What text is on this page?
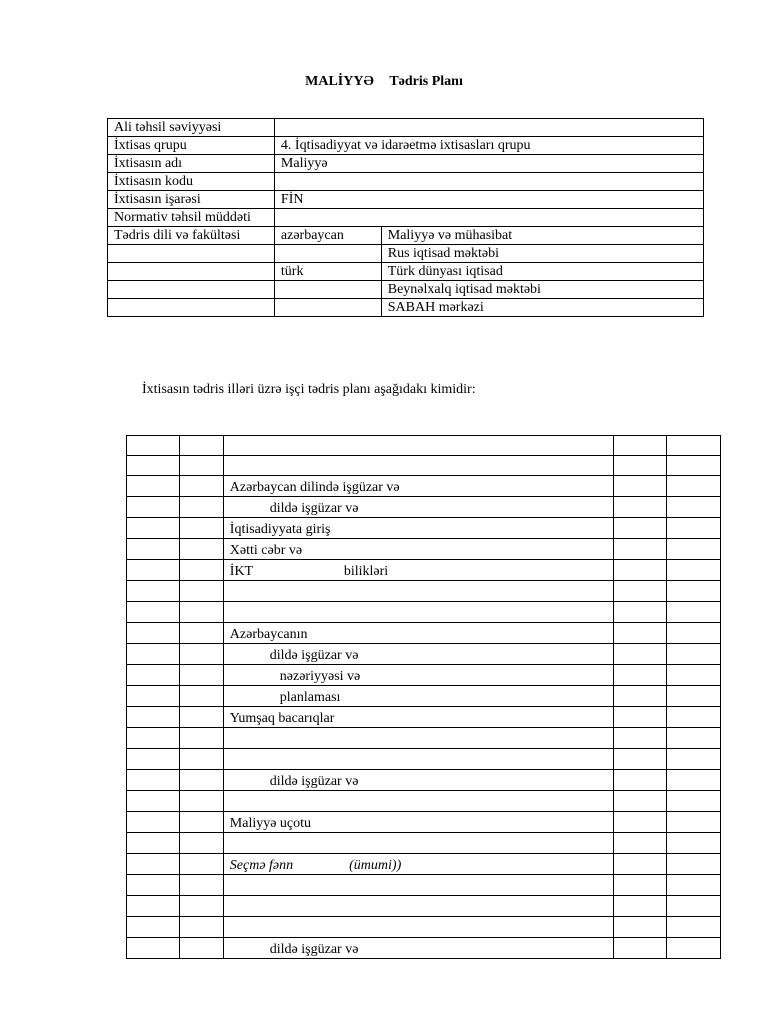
MALİYYƏ Tədris Planı
Ali təhsil səviyyəsi		
İxtisas qrupu	4. İqtisadiyyat və idarəetmə ixtisasları qrupu	
İxtisasın adı	Maliyyə	
İxtisasın kodu		
İxtisasın işarəsi	FİN	
Normativ təhsil müddəti		
Tədris dili və fakültəsi	azərbaycan	Maliyyə və mühasibat
		Rus iqtisad məktəbi
	türk	Türk dünyası iqtisad
		Beynəlxalq iqtisad məktəbi
		SABAH mərkəzi
İxtisasın tədris illəri üzrə işçi tədris planı aşağıdakı kimidir:

		Azərbaycan dilində işgüzar və		
		dildə işgüzar və		
		İqtisadiyyata giriş		
		Xətti cəbr və		
		İKT                          bilikləri		

		Azərbaycanın		
		dildə işgüzar və		
		nəzəriyyəsi və		
		planlaması		
		Yumşaq bacarıqlar		

		dildə işgüzar və		

		Maliyyə uçotu		

		Seçmə fənn                (ümumi))		

		dildə işgüzar və		
